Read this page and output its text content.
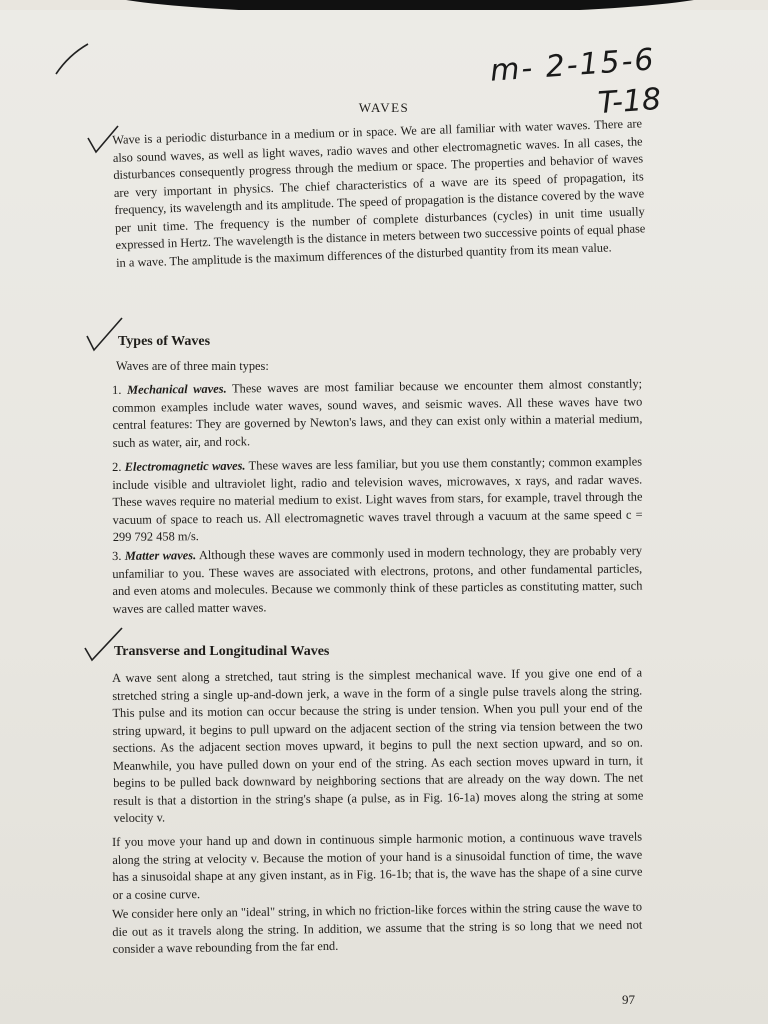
m- 2-15-6
T-18
WAVES

Wave is a periodic disturbance in a medium or in space. We are all familiar with water waves. There are also sound waves, as well as light waves, radio waves and other electromagnetic waves. In all cases, the disturbances consequently progress through the medium or space. The properties and behavior of waves are very important in physics. The chief characteristics of a wave are its speed of propagation, its frequency, its wavelength and its amplitude. The speed of propagation is the distance covered by the wave per unit time. The frequency is the number of complete disturbances (cycles) in unit time usually expressed in Hertz. The wavelength is the distance in meters between two successive points of equal phase in a wave. The amplitude is the maximum differences of the disturbed quantity from its mean value.

Types of Waves
Waves are of three main types:

1. Mechanical waves. These waves are most familiar because we encounter them almost constantly; common examples include water waves, sound waves, and seismic waves. All these waves have two central features: They are governed by Newton's laws, and they can exist only within a material medium, such as water, air, and rock.

2. Electromagnetic waves. These waves are less familiar, but you use them constantly; common examples include visible and ultraviolet light, radio and television waves, microwaves, x rays, and radar waves. These waves require no material medium to exist. Light waves from stars, for example, travel through the vacuum of space to reach us. All electromagnetic waves travel through a vacuum at the same speed c = 299 792 458 m/s.

3. Matter waves. Although these waves are commonly used in modern technology, they are probably very unfamiliar to you. These waves are associated with electrons, protons, and other fundamental particles, and even atoms and molecules. Because we commonly think of these particles as constituting matter, such waves are called matter waves.

Transverse and Longitudinal Waves

A wave sent along a stretched, taut string is the simplest mechanical wave. If you give one end of a stretched string a single up-and-down jerk, a wave in the form of a single pulse travels along the string. This pulse and its motion can occur because the string is under tension. When you pull your end of the string upward, it begins to pull upward on the adjacent section of the string via tension between the two sections. As the adjacent section moves upward, it begins to pull the next section upward, and so on. Meanwhile, you have pulled down on your end of the string. As each section moves upward in turn, it begins to be pulled back downward by neighboring sections that are already on the way down. The net result is that a distortion in the string's shape (a pulse, as in Fig. 16-1a) moves along the string at some velocity v.

If you move your hand up and down in continuous simple harmonic motion, a continuous wave travels along the string at velocity v. Because the motion of your hand is a sinusoidal function of time, the wave has a sinusoidal shape at any given instant, as in Fig. 16-1b; that is, the wave has the shape of a sine curve or a cosine curve.

We consider here only an "ideal" string, in which no friction-like forces within the string cause the wave to die out as it travels along the string. In addition, we assume that the string is so long that we need not consider a wave rebounding from the far end.

97
